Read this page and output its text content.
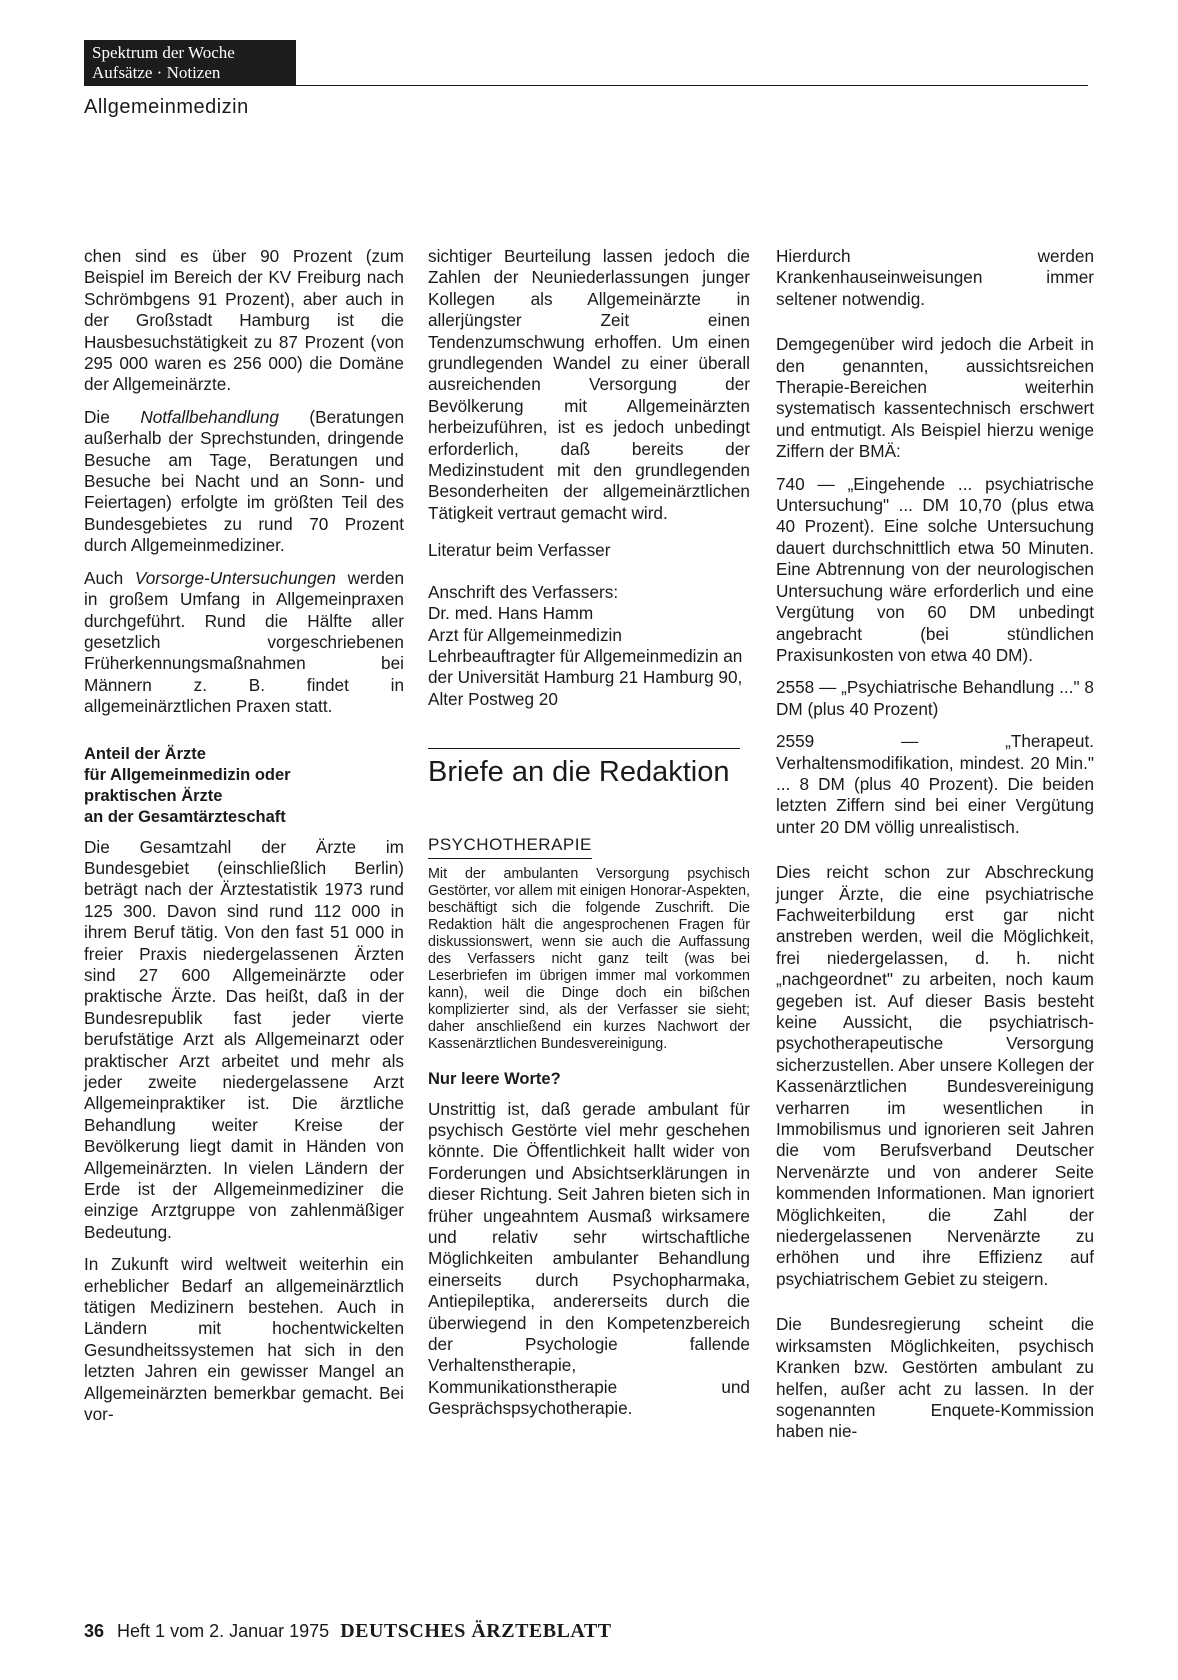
Spektrum der Woche
Aufsätze · Notizen
Allgemeinmedizin

chen sind es über 90 Prozent (zum Beispiel im Bereich der KV Freiburg nach Schrömbgens 91 Prozent), aber auch in der Großstadt Hamburg ist die Hausbesuchstätigkeit zu 87 Prozent (von 295 000 waren es 256 000) die Domäne der Allgemeinärzte.

Die Notfallbehandlung (Beratungen außerhalb der Sprechstunden, dringende Besuche am Tage, Beratungen und Besuche bei Nacht und an Sonn- und Feiertagen) erfolgte im größten Teil des Bundesgebietes zu rund 70 Prozent durch Allgemeinmediziner.

Auch Vorsorge-Untersuchungen werden in großem Umfang in Allgemeinpraxen durchgeführt. Rund die Hälfte aller gesetzlich vorgeschriebenen Früherkennungsmaßnahmen bei Männern z. B. findet in allgemeinärztlichen Praxen statt.

Anteil der Ärzte
für Allgemeinmedizin oder
praktischen Ärzte
an der Gesamtärzteschaft

Die Gesamtzahl der Ärzte im Bundesgebiet (einschließlich Berlin) beträgt nach der Ärztestatistik 1973 rund 125 300. Davon sind rund 112 000 in ihrem Beruf tätig. Von den fast 51 000 in freier Praxis niedergelassenen Ärzten sind 27 600 Allgemeinärzte oder praktische Ärzte. Das heißt, daß in der Bundesrepublik fast jeder vierte berufstätige Arzt als Allgemeinarzt oder praktischer Arzt arbeitet und mehr als jeder zweite niedergelassene Arzt Allgemeinpraktiker ist. Die ärztliche Behandlung weiter Kreise der Bevölkerung liegt damit in Händen von Allgemeinärzten. In vielen Ländern der Erde ist der Allgemeinmediziner die einzige Arztgruppe von zahlenmäßiger Bedeutung.

In Zukunft wird weltweit weiterhin ein erheblicher Bedarf an allgemeinärztlich tätigen Medizinern bestehen. Auch in Ländern mit hochentwickelten Gesundheitssystemen hat sich in den letzten Jahren ein gewisser Mangel an Allgemeinärzten bemerkbar gemacht. Bei vor-

sichtiger Beurteilung lassen jedoch die Zahlen der Neuniederlassungen junger Kollegen als Allgemeinärzte in allerjüngster Zeit einen Tendenzumschwung erhoffen. Um einen grundlegenden Wandel zu einer überall ausreichenden Versorgung der Bevölkerung mit Allgemeinärzten herbeizuführen, ist es jedoch unbedingt erforderlich, daß bereits der Medizinstudent mit den grundlegenden Besonderheiten der allgemeinärztlichen Tätigkeit vertraut gemacht wird.

Literatur beim Verfasser

Anschrift des Verfassers:
Dr. med. Hans Hamm
Arzt für Allgemeinmedizin
Lehrbeauftragter für Allgemeinmedizin an der Universität Hamburg 21 Hamburg 90, Alter Postweg 20
Briefe an die Redaktion
PSYCHOTHERAPIE

Mit der ambulanten Versorgung psychisch Gestörter, vor allem mit einigen Honorar-Aspekten, beschäftigt sich die folgende Zuschrift. Die Redaktion hält die angesprochenen Fragen für diskussionswert, wenn sie auch die Auffassung des Verfassers nicht ganz teilt (was bei Leserbriefen im übrigen immer mal vorkommen kann), weil die Dinge doch ein bißchen komplizierter sind, als der Verfasser sie sieht; daher anschließend ein kurzes Nachwort der Kassenärztlichen Bundesvereinigung.

Nur leere Worte?

Unstrittig ist, daß gerade ambulant für psychisch Gestörte viel mehr geschehen könnte. Die Öffentlichkeit hallt wider von Forderungen und Absichtserklärungen in dieser Richtung. Seit Jahren bieten sich in früher ungeahntem Ausmaß wirksamere und relativ sehr wirtschaftliche Möglichkeiten ambulanter Behandlung einerseits durch Psychopharmaka, Antiepileptika, andererseits durch die überwiegend in den Kompetenzbereich der Psychologie fallende Verhaltenstherapie, Kommunikationstherapie und Gesprächspsychotherapie.

Hierdurch werden Krankenhauseinweisungen immer seltener notwendig.

Demgegenüber wird jedoch die Arbeit in den genannten, aussichtsreichen Therapie-Bereichen weiterhin systematisch kassentechnisch erschwert und entmutigt. Als Beispiel hierzu wenige Ziffern der BMÄ:

740 — „Eingehende ... psychiatrische Untersuchung" ... DM 10,70 (plus etwa 40 Prozent). Eine solche Untersuchung dauert durchschnittlich etwa 50 Minuten. Eine Abtrennung von der neurologischen Untersuchung wäre erforderlich und eine Vergütung von 60 DM unbedingt angebracht (bei stündlichen Praxisunkosten von etwa 40 DM).

2558 — „Psychiatrische Behandlung ..." 8 DM (plus 40 Prozent)

2559 — „Therapeut. Verhaltensmodifikation, mindest. 20 Min." ... 8 DM (plus 40 Prozent). Die beiden letzten Ziffern sind bei einer Vergütung unter 20 DM völlig unrealistisch.

Dies reicht schon zur Abschreckung junger Ärzte, die eine psychiatrische Fachweiterbildung erst gar nicht anstreben werden, weil die Möglichkeit, frei niedergelassen, d. h. nicht „nachgeordnet" zu arbeiten, noch kaum gegeben ist. Auf dieser Basis besteht keine Aussicht, die psychiatrisch-psychotherapeutische Versorgung sicherzustellen. Aber unsere Kollegen der Kassenärztlichen Bundesvereinigung verharren im wesentlichen in Immobilismus und ignorieren seit Jahren die vom Berufsverband Deutscher Nervenärzte und von anderer Seite kommenden Informationen. Man ignoriert Möglichkeiten, die Zahl der niedergelassenen Nervenärzte zu erhöhen und ihre Effizienz auf psychiatrischem Gebiet zu steigern.

Die Bundesregierung scheint die wirksamsten Möglichkeiten, psychisch Kranken bzw. Gestörten ambulant zu helfen, außer acht zu lassen. In der sogenannten Enquete-Kommission haben nie-

36 Heft 1 vom 2. Januar 1975 DEUTSCHES ÄRZTEBLATT
